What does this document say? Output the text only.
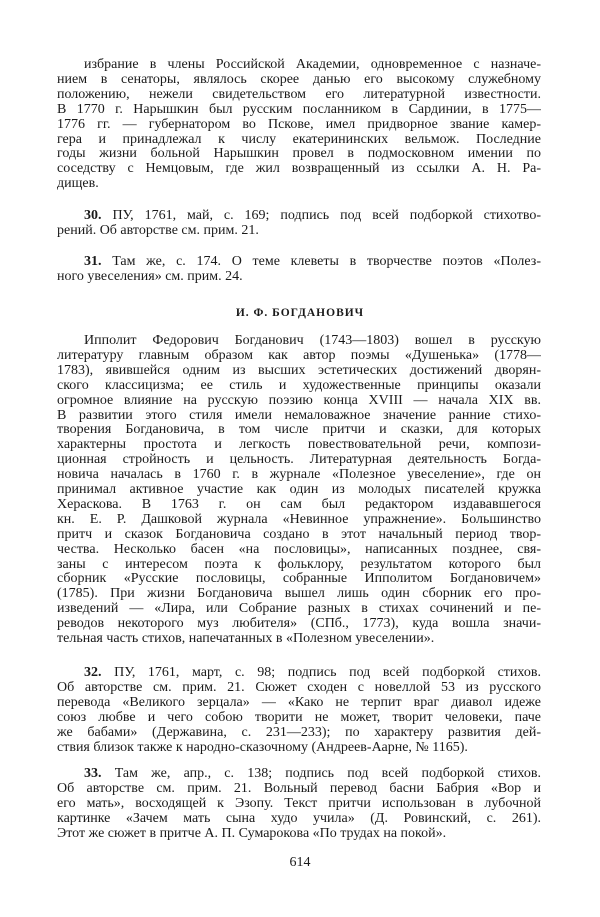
И. Ф. БОГДАНОВИЧ
614
избрание в члены Российской Академии, одновременное с назначе-
нием в сенаторы, являлось скорее данью его высокому служебному
положению, нежели свидетельством его литературной известности.
В 1770 г. Нарышкин был русским посланником в Сардинии, в 1775—
1776 гг. — губернатором во Пскове, имел придворное звание камер-
гера и принадлежал к числу екатерининских вельмож. Последние
годы жизни больной Нарышкин провел в подмосковном имении по
соседству с Немцовым, где жил возвращенный из ссылки А. Н. Ра-
дищев.
30. ПУ, 1761, май, с. 169; подпись под всей подборкой стихотво-
рений. Об авторстве см. прим. 21.
31. Там же, с. 174. О теме клеветы в творчестве поэтов «Полез-
ного увеселения» см. прим. 24.
Ипполит Федорович Богданович (1743—1803) вошел в русскую
литературу главным образом как автор поэмы «Душенька» (1778—
1783), явившейся одним из высших эстетических достижений дворян-
ского классицизма; ее стиль и художественные принципы оказали
огромное влияние на русскую поэзию конца XVIII — начала XIX вв.
В развитии этого стиля имели немаловажное значение ранние стихо-
творения Богдановича, в том числе притчи и сказки, для которых
характерны простота и легкость повествовательной речи, компози-
ционная стройность и цельность. Литературная деятельность Богда-
новича началась в 1760 г. в журнале «Полезное увеселение», где он
принимал активное участие как один из молодых писателей кружка
Хераскова. В 1763 г. он сам был редактором издававшегося
кн. Е. Р. Дашковой журнала «Невинное упражнение». Большинство
притч и сказок Богдановича создано в этот начальный период твор-
чества. Несколько басен «на пословицы», написанных позднее, свя-
заны с интересом поэта к фольклору, результатом которого был
сборник «Русские пословицы, собранные Ипполитом Богдановичем»
(1785). При жизни Богдановича вышел лишь один сборник его про-
изведений — «Лира, или Собрание разных в стихах сочинений и пе-
реводов некоторого муз любителя» (СПб., 1773), куда вошла значи-
тельная часть стихов, напечатанных в «Полезном увеселении».
32. ПУ, 1761, март, с. 98; подпись под всей подборкой стихов.
Об авторстве см. прим. 21. Сюжет сходен с новеллой 53 из русского
перевода «Великого зерцала» — «Како не терпит враг диавол идеже
союз любве и чего собою творити не может, творит человеки, паче
же бабами» (Державина, с. 231—233); по характеру развития дей-
ствия близок также к народно-сказочному (Андреев-Аарне, № 1165).
33. Там же, апр., с. 138; подпись под всей подборкой стихов.
Об авторстве см. прим. 21. Вольный перевод басни Бабрия «Вор и
его мать», восходящей к Эзопу. Текст притчи использован в лубочной
картинке «Зачем мать сына худо учила» (Д. Ровинский, с. 261).
Этот же сюжет в притче А. П. Сумарокова «По трудах на покой».
